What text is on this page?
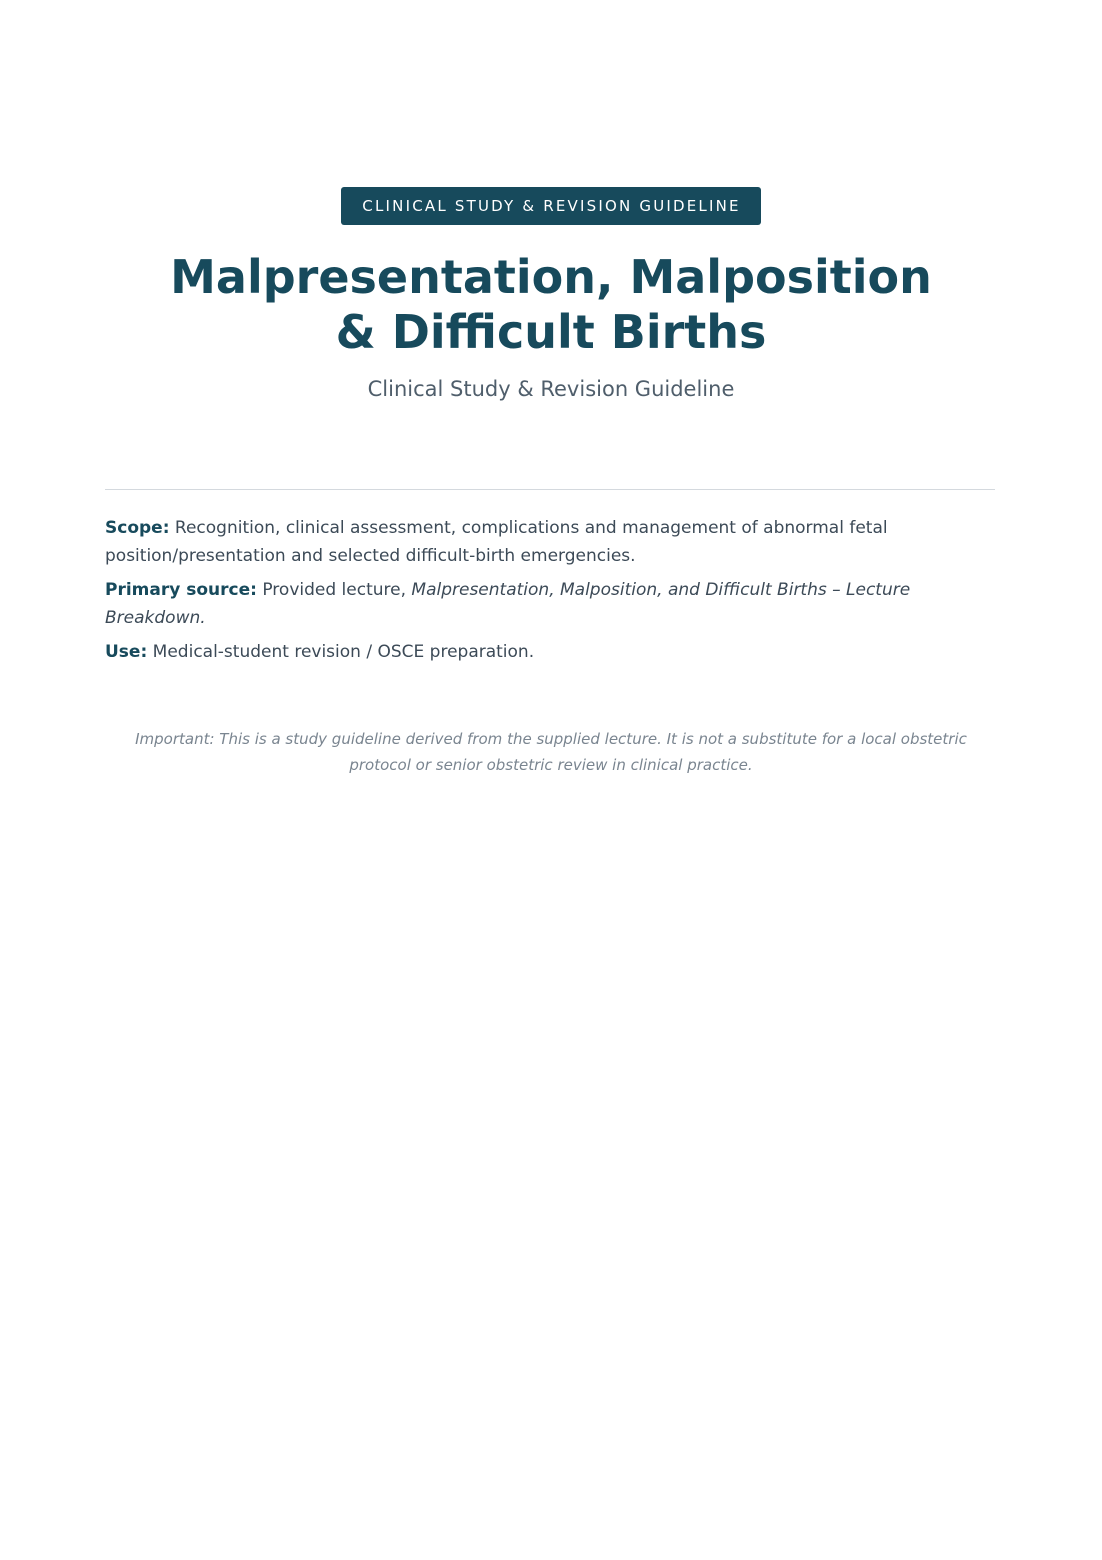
CLINICAL STUDY & REVISION GUIDELINE
Malpresentation, Malposition
& Difficult Births
Clinical Study & Revision Guideline

Scope: Recognition, clinical assessment, complications and management of abnormal fetal position/presentation and selected difficult-birth emergencies.

Primary source: Provided lecture, Malpresentation, Malposition, and Difficult Births – Lecture Breakdown.

Use: Medical-student revision / OSCE preparation.

Important: This is a study guideline derived from the supplied lecture. It is not a substitute for a local obstetric protocol or senior obstetric review in clinical practice.
